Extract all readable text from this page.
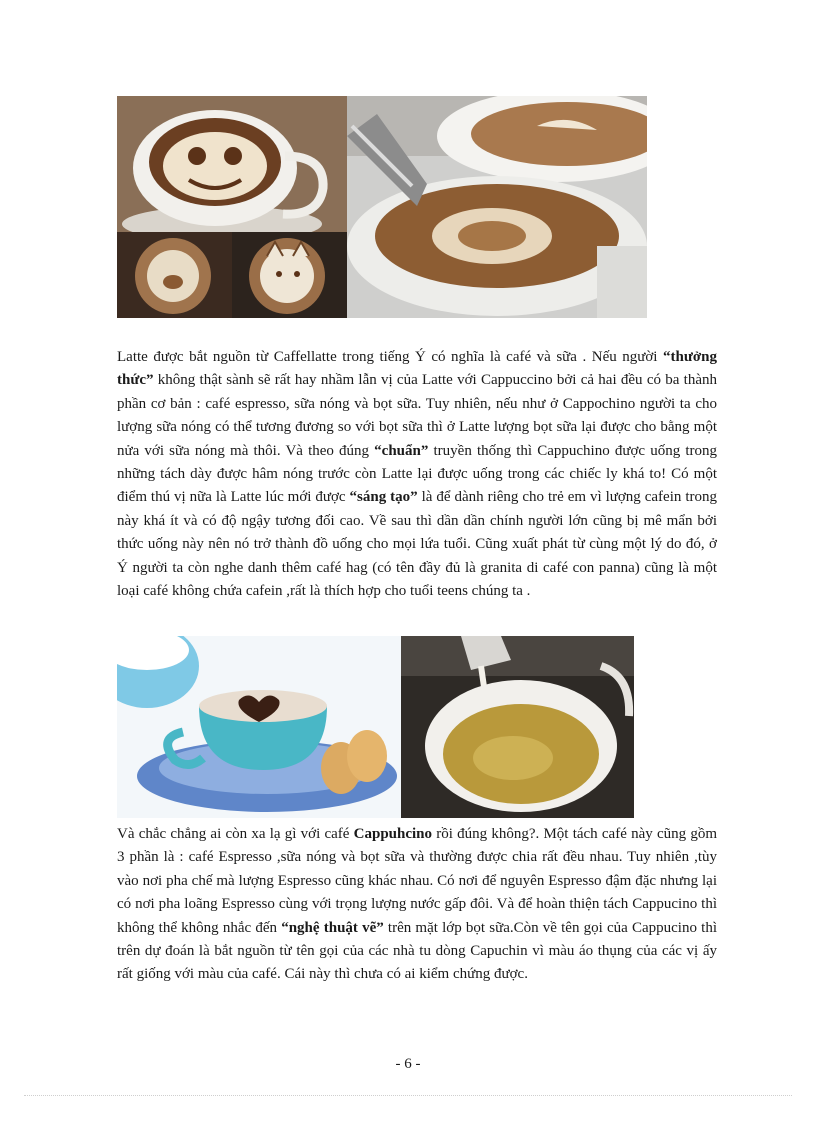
Latte được bắt nguồn từ Caffellatte trong tiếng Ý có nghĩa là café và sữa . Nếu người “thưởng thức” không thật sành sẽ rất hay nhầm lẫn vị của Latte với Cappuccino bởi cả hai đều có ba thành phần cơ bản : café espresso, sữa nóng và bọt sữa. Tuy nhiên, nếu như ở Cappochino người ta cho lượng sữa nóng có thể tương đương so với bọt sữa thì ở Latte lượng bọt sữa lại được cho bằng một nửa với sữa nóng mà thôi. Và theo đúng “chuẩn” truyền thống thì Cappuchino được uống trong những tách dày được hâm nóng trước còn Latte lại được uống trong các chiếc ly khá to! Có một điểm thú vị nữa là Latte lúc mới được “sáng tạo” là để dành riêng cho trẻ em vì lượng cafein trong này khá ít và có độ ngậy tương đối cao. Về sau thì dần dần chính người lớn cũng bị mê mẩn bởi thức uống này nên nó trở thành đồ uống cho mọi lứa tuổi. Cũng xuất phát từ cùng một lý do đó, ở Ý người ta còn nghe danh thêm café hag (có tên đầy đủ là granita di café con panna) cũng là một loại café không chứa cafein ,rất là thích hợp cho tuổi teens chúng ta .
Và chắc chẳng ai còn xa lạ gì với café Cappuhcino rồi đúng không?. Một tách café này cũng gồm 3 phần là : café Espresso ,sữa nóng và bọt sữa và thường được chia rất đều nhau. Tuy nhiên ,tùy vào nơi pha chế mà lượng Espresso cũng khác nhau. Có nơi để nguyên Espresso đậm đặc nhưng lại có nơi pha loãng Espresso cùng với trọng lượng nước gấp đôi. Và để hoàn thiện tách Cappucino thì không thể không nhắc đến “nghệ thuật vẽ” trên mặt lớp bọt sữa.Còn về tên gọi của Cappucino thì trên dự đoán là bắt nguồn từ tên gọi của các nhà tu dòng Capuchin vì màu áo thụng của các vị ấy rất giống với màu của café. Cái này thì chưa có ai kiểm chứng được.
- 6 -
